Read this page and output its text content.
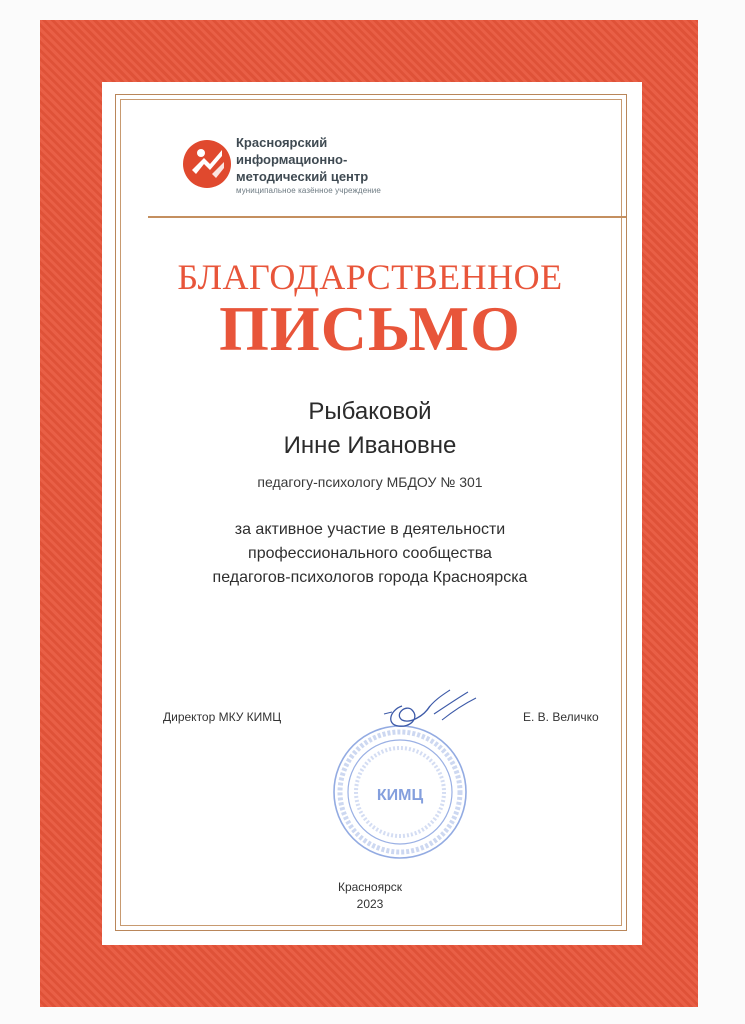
Красноярский
информационно-
методический центр
муниципальное казённое учреждение
БЛАГОДАРСТВЕННОЕ
ПИСЬМО
Рыбаковой
Инне Ивановне
педагогу-психологу МБДОУ № 301
за активное участие в деятельности
профессионального сообщества
педагогов-психологов города Красноярска
Директор МКУ КИМЦ	Е. В. Величко
КИМЦ
Красноярск
2023
